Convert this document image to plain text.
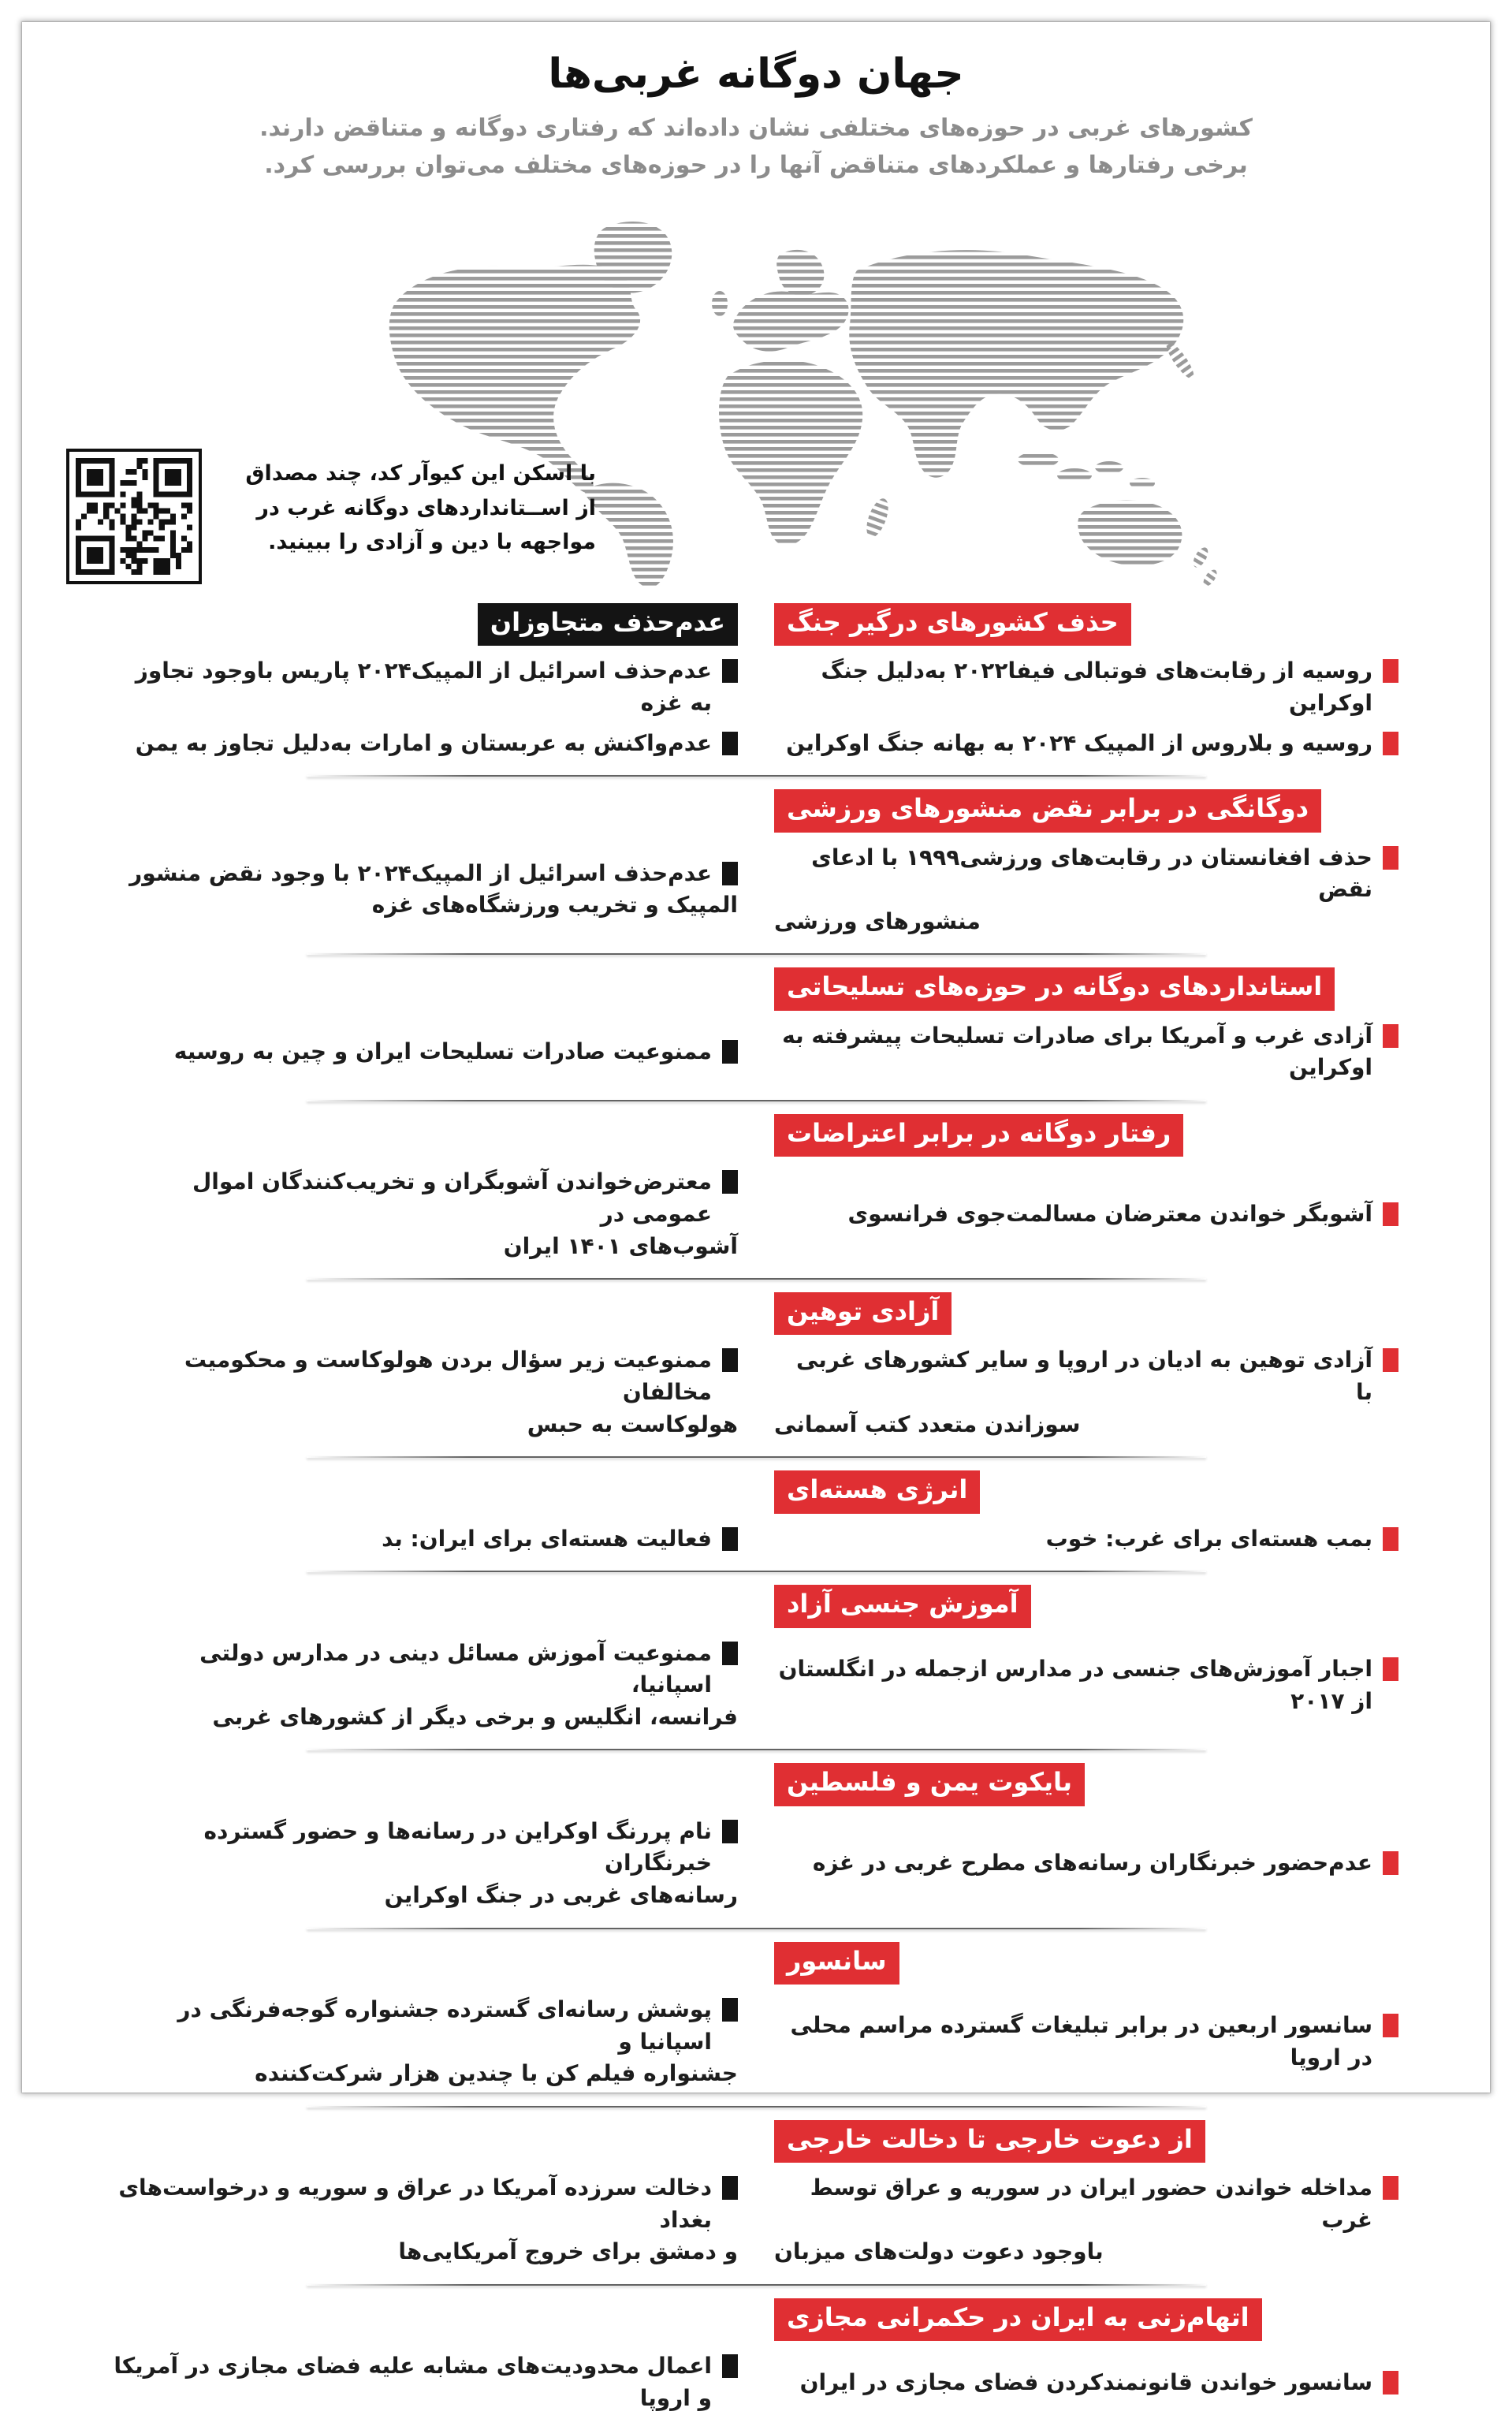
جهان دوگانه غربی‌ها

کشورهای غربی در حوزه‌های مختلفی نشان داده‌اند که رفتاری دوگانه و متناقض دارند.
برخی رفتارها و عملکردهای متناقض آنها را در حوزه‌های مختلف می‌توان بررسی کرد.

با اسکن این کیوآر کد، چند مصداق
از اســتانداردهای دوگانه غرب در
مواجهه با دین و آزادی را ببینید.
حذف کشورهای درگیر جنگ
عدم‌حذف متجاوزان
روسیه از رقابت‌های فوتبالی فیفا۲۰۲۲ به‌دلیل جنگ اوکراین
روسیه و بلاروس از المپیک ۲۰۲۴ به بهانه جنگ اوکراین
عدم‌حذف اسرائیل از المپیک۲۰۲۴ پاریس باوجود تجاوز به غزه
عدم‌واکنش به عربستان و امارات به‌دلیل تجاوز به یمن
دوگانگی در برابر نقض منشورهای ورزشی
حذف افغانستان در رقابت‌های ورزشی۱۹۹۹ با ادعای نقض
منشورهای ورزشی
عدم‌حذف اسرائیل از المپیک۲۰۲۴ با وجود نقض منشور
المپیک و تخریب ورزشگاه‌های غزه
استانداردهای دوگانه در حوزه‌های تسلیحاتی
آزادی غرب و آمریکا برای صادرات تسلیحات پیشرفته به اوکراین
ممنوعیت صادرات تسلیحات ایران و چین به روسیه
رفتار دوگانه در برابر اعتراضات
آشوبگر خواندن معترضان مسالمت‌جوی فرانسوی
معترض‌خواندن آشوبگران و تخریب‌کنندگان اموال عمومی در
آشوب‌های ۱۴۰۱ ایران
آزادی توهین
آزادی توهین به ادیان در اروپا و سایر کشورهای غربی با
سوزاندن متعدد کتب آسمانی
ممنوعیت زیر سؤال بردن هولوکاست و محکومیت مخالفان
هولوکاست به حبس
انرژی هسته‌ای
بمب هسته‌ای برای غرب: خوب
فعالیت هسته‌ای برای ایران: بد
آموزش جنسی آزاد
اجبار آموزش‌های جنسی در مدارس ازجمله در انگلستان از ۲۰۱۷
ممنوعیت آموزش مسائل دینی در مدارس دولتی اسپانیا،
فرانسه، انگلیس و برخی دیگر از کشورهای غربی
بایکوت یمن و فلسطین
عدم‌حضور خبرنگاران رسانه‌های مطرح غربی در غزه
نام پررنگ اوکراین در رسانه‌ها و حضور گسترده خبرنگاران
رسانه‌های غربی در جنگ اوکراین
سانسور
سانسور اربعین در برابر تبلیغات گسترده مراسم محلی در اروپا
پوشش رسانه‌ای گسترده جشنواره گوجه‌فرنگی در اسپانیا و
جشنواره فیلم کن با چندین هزار شرکت‌کننده
از دعوت خارجی تا دخالت خارجی
مداخله خواندن حضور ایران در سوریه و عراق توسط غرب
باوجود دعوت دولت‌های میزبان
دخالت سرزده آمریکا در عراق و سوریه و درخواست‌های بغداد
و دمشق برای خروج آمریکایی‌ها
اتهام‌زنی به ایران در حکمرانی مجازی
سانسور خواندن قانونمندکردن فضای مجازی در ایران
اعمال محدودیت‌های مشابه علیه فضای مجازی در آمریکا و اروپا
